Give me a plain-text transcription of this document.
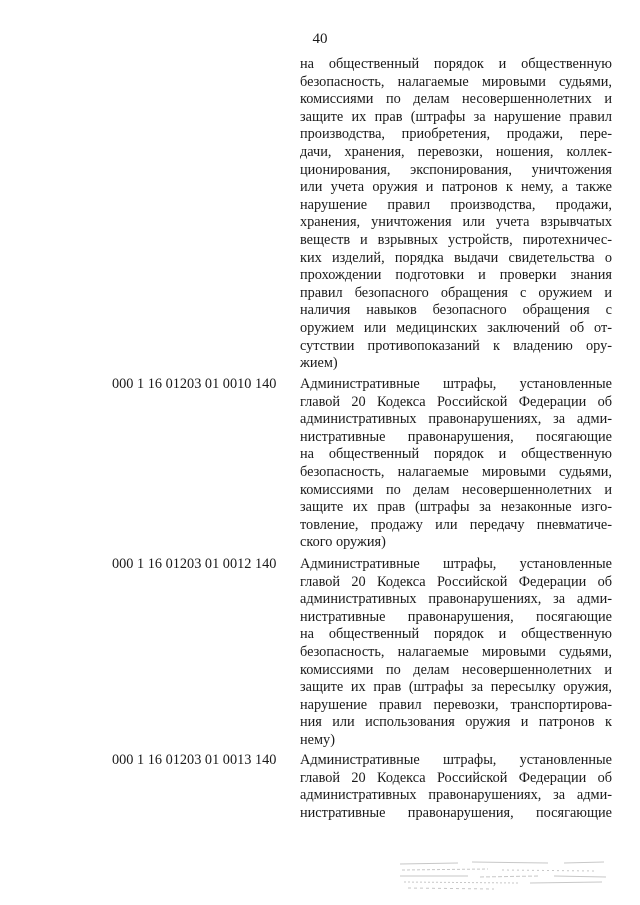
40
на общественный порядок и общественную
безопасность, налагаемые мировыми судьями,
комиссиями по делам несовершеннолетних и
защите их прав (штрафы за нарушение правил
производства, приобретения, продажи, пере-
дачи, хранения, перевозки, ношения, коллек-
ционирования, экспонирования, уничтожения
или учета оружия и патронов к нему, а также
нарушение правил производства, продажи,
хранения, уничтожения или учета взрывчатых
веществ и взрывных устройств, пиротехничес-
ких изделий, порядка выдачи свидетельства о
прохождении подготовки и проверки знания
правил безопасного обращения с оружием и
наличия навыков безопасного обращения с
оружием или медицинских заключений об от-
сутствии противопоказаний к владению ору-
жием)
000 1 16 01203 01 0010 140 Административные штрафы, установленные
главой 20 Кодекса Российской Федерации об
административных правонарушениях, за адми-
нистративные правонарушения, посягающие
на общественный порядок и общественную
безопасность, налагаемые мировыми судьями,
комиссиями по делам несовершеннолетних и
защите их прав (штрафы за незаконные изго-
товление, продажу или передачу пневматиче-
ского оружия)
000 1 16 01203 01 0012 140 Административные штрафы, установленные
главой 20 Кодекса Российской Федерации об
административных правонарушениях, за адми-
нистративные правонарушения, посягающие
на общественный порядок и общественную
безопасность, налагаемые мировыми судьями,
комиссиями по делам несовершеннолетних и
защите их прав (штрафы за пересылку оружия,
нарушение правил перевозки, транспортирова-
ния или использования оружия и патронов к
нему)
000 1 16 01203 01 0013 140 Административные штрафы, установленные
главой 20 Кодекса Российской Федерации об
административных правонарушениях, за адми-
нистративные правонарушения, посягающие
